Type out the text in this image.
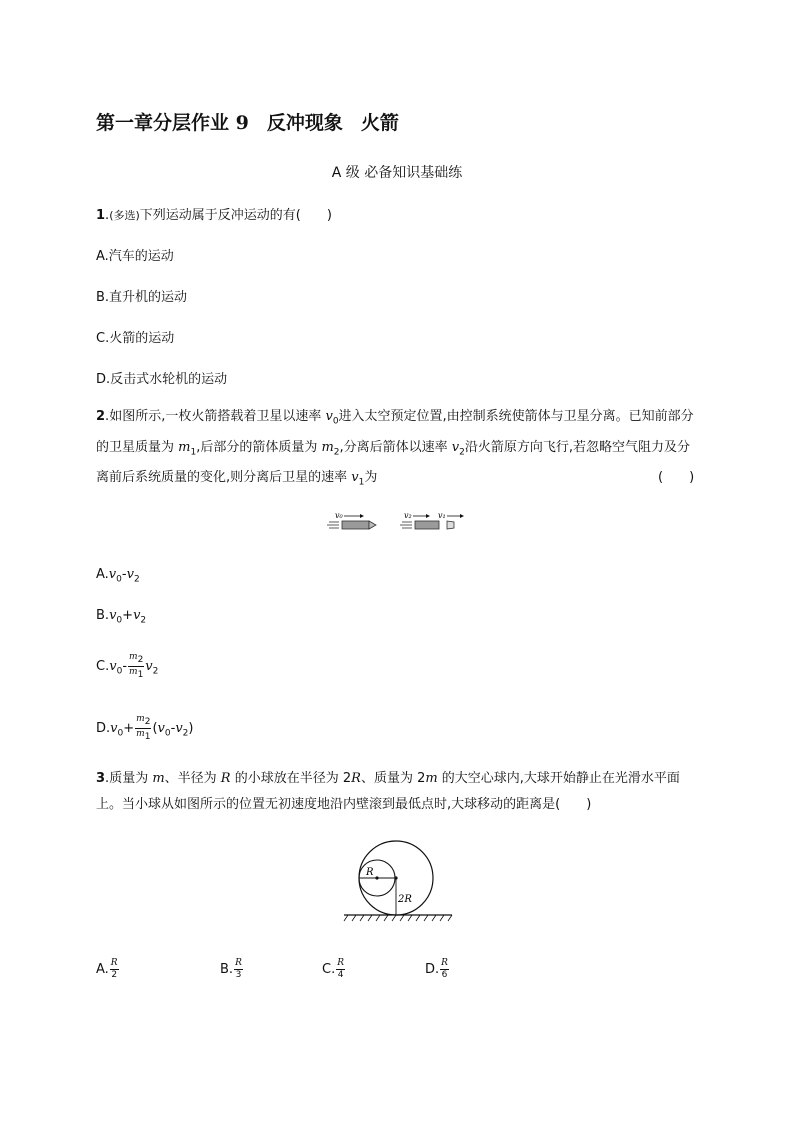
第一章分层作业 9 反冲现象 火箭
A 级 必备知识基础练
1.(多选)下列运动属于反冲运动的有(　　)
A.汽车的运动
B.直升机的运动
C.火箭的运动
D.反击式水轮机的运动
2.如图所示,一枚火箭搭载着卫星以速率 $v_0$进入太空预定位置,由控制系统使箭体与卫星分离。已知前部分的卫星质量为 $m_1$,后部分的箭体质量为 $m_2$,分离后箭体以速率 $v_2$沿火箭原方向飞行,若忽略空气阻力及分离前后系统质量的变化,则分离后卫星的速率 $v_1$为	(　　)
v₀	v₂	v₁
$A.v_0-v_2$
$B.v_0+v_2$
$C.v_0- \frac{m_2}{m_1} v_2$
$D.v_0+ \frac{m_2}{m_1} (v_0-v_2)$
3.质量为 m、半径为 R 的小球放在半径为 2R、质量为 2m 的大空心球内,大球开始静止在光滑水平面上。当小球从如图所示的位置无初速度地沿内壁滚到最低点时,大球移动的距离是(　　)
R
2R
A. $\frac{R}{2}$	B. $\frac{R}{3}$	C. $\frac{R}{4}$	D. $\frac{R}{6}$
